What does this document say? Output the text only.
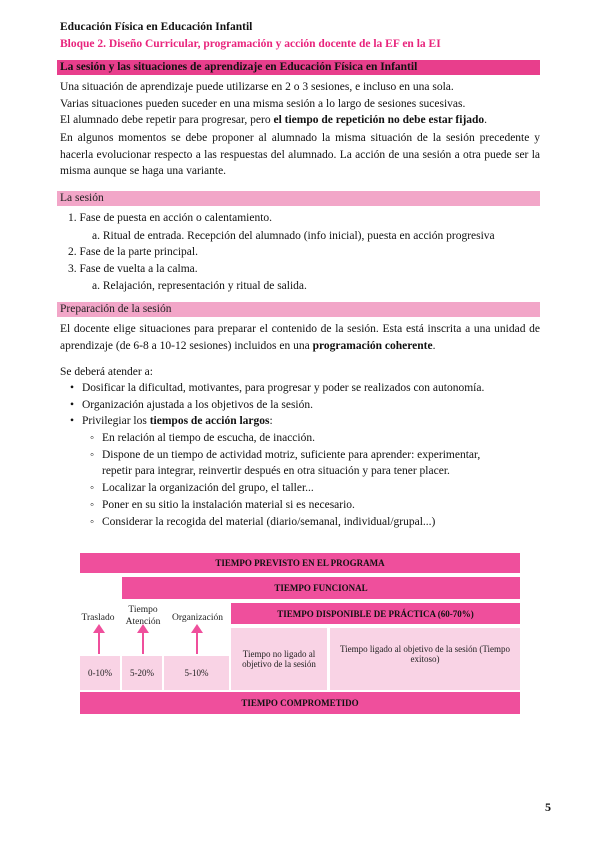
Educación Física en Educación Infantil
Bloque 2. Diseño Curricular, programación y acción docente de la EF en la EI
La sesión y las situaciones de aprendizaje en Educación Física en Infantil
Una situación de aprendizaje puede utilizarse en 2 o 3 sesiones, e incluso en una sola.
Varias situaciones pueden suceder en una misma sesión a lo largo de sesiones sucesivas.
El alumnado debe repetir para progresar, pero el tiempo de repetición no debe estar fijado.

En algunos momentos se debe proponer al alumnado la misma situación de la sesión precedente y hacerla evolucionar respecto a las respuestas del alumnado. La acción de una sesión a otra puede ser la misma aunque se haga una variante.

La sesión
1. Fase de puesta en acción o calentamiento.
a. Ritual de entrada. Recepción del alumnado (info inicial), puesta en acción progresiva
2. Fase de la parte principal.
3. Fase de vuelta a la calma.
a. Relajación, representación y ritual de salida.
Preparación de la sesión

El docente elige situaciones para preparar el contenido de la sesión. Esta está inscrita a una unidad de aprendizaje (de 6-8 a 10-12 sesiones) incluidos en una programación coherente.

Se deberá atender a:
• Dosificar la dificultad, motivantes, para progresar y poder se realizados con autonomía.
• Organización ajustada a los objetivos de la sesión.
• Privilegiar los tiempos de acción largos:
◦ En relación al tiempo de escucha, de inacción.
◦ Dispone de un tiempo de actividad motriz, suficiente para aprender: experimentar,
repetir para integrar, reinvertir después en otra situación y para tener placer.
◦ Localizar la organización del grupo, el taller...
◦ Poner en su sitio la instalación material si es necesario.
◦ Considerar la recogida del material (diario/semanal, individual/grupal...)
TIEMPO PREVISTO EN EL PROGRAMA
TIEMPO FUNCIONAL
TIEMPO DISPONIBLE DE PRÁCTICA (60-70%)
Traslado
Tiempo Atención	Organización
Tiempo no ligado al objetivo de la sesión
Tiempo ligado al objetivo de la sesión (Tiempo exitoso)
0-10%	5-20%	5-10%
TIEMPO COMPROMETIDO
5
